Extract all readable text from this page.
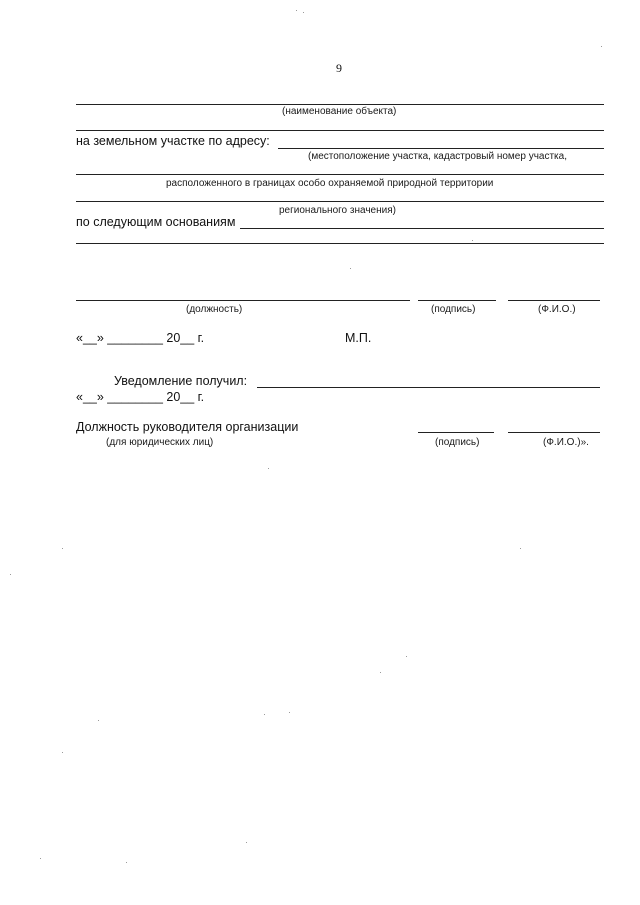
9
(наименование объекта)
на земельном участке по адресу:
(местоположение участка, кадастровый номер участка,
расположенного в границах особо охраняемой природной территории
регионального значения)
по следующим основаниям
(должность)	(подпись)	(Ф.И.О.)
«__» ________ 20__ г.	М.П.
Уведомление получил:
«__» ________ 20__ г.
Должность руководителя организации
(для юридических лиц)	(подпись)	(Ф.И.О.)».
